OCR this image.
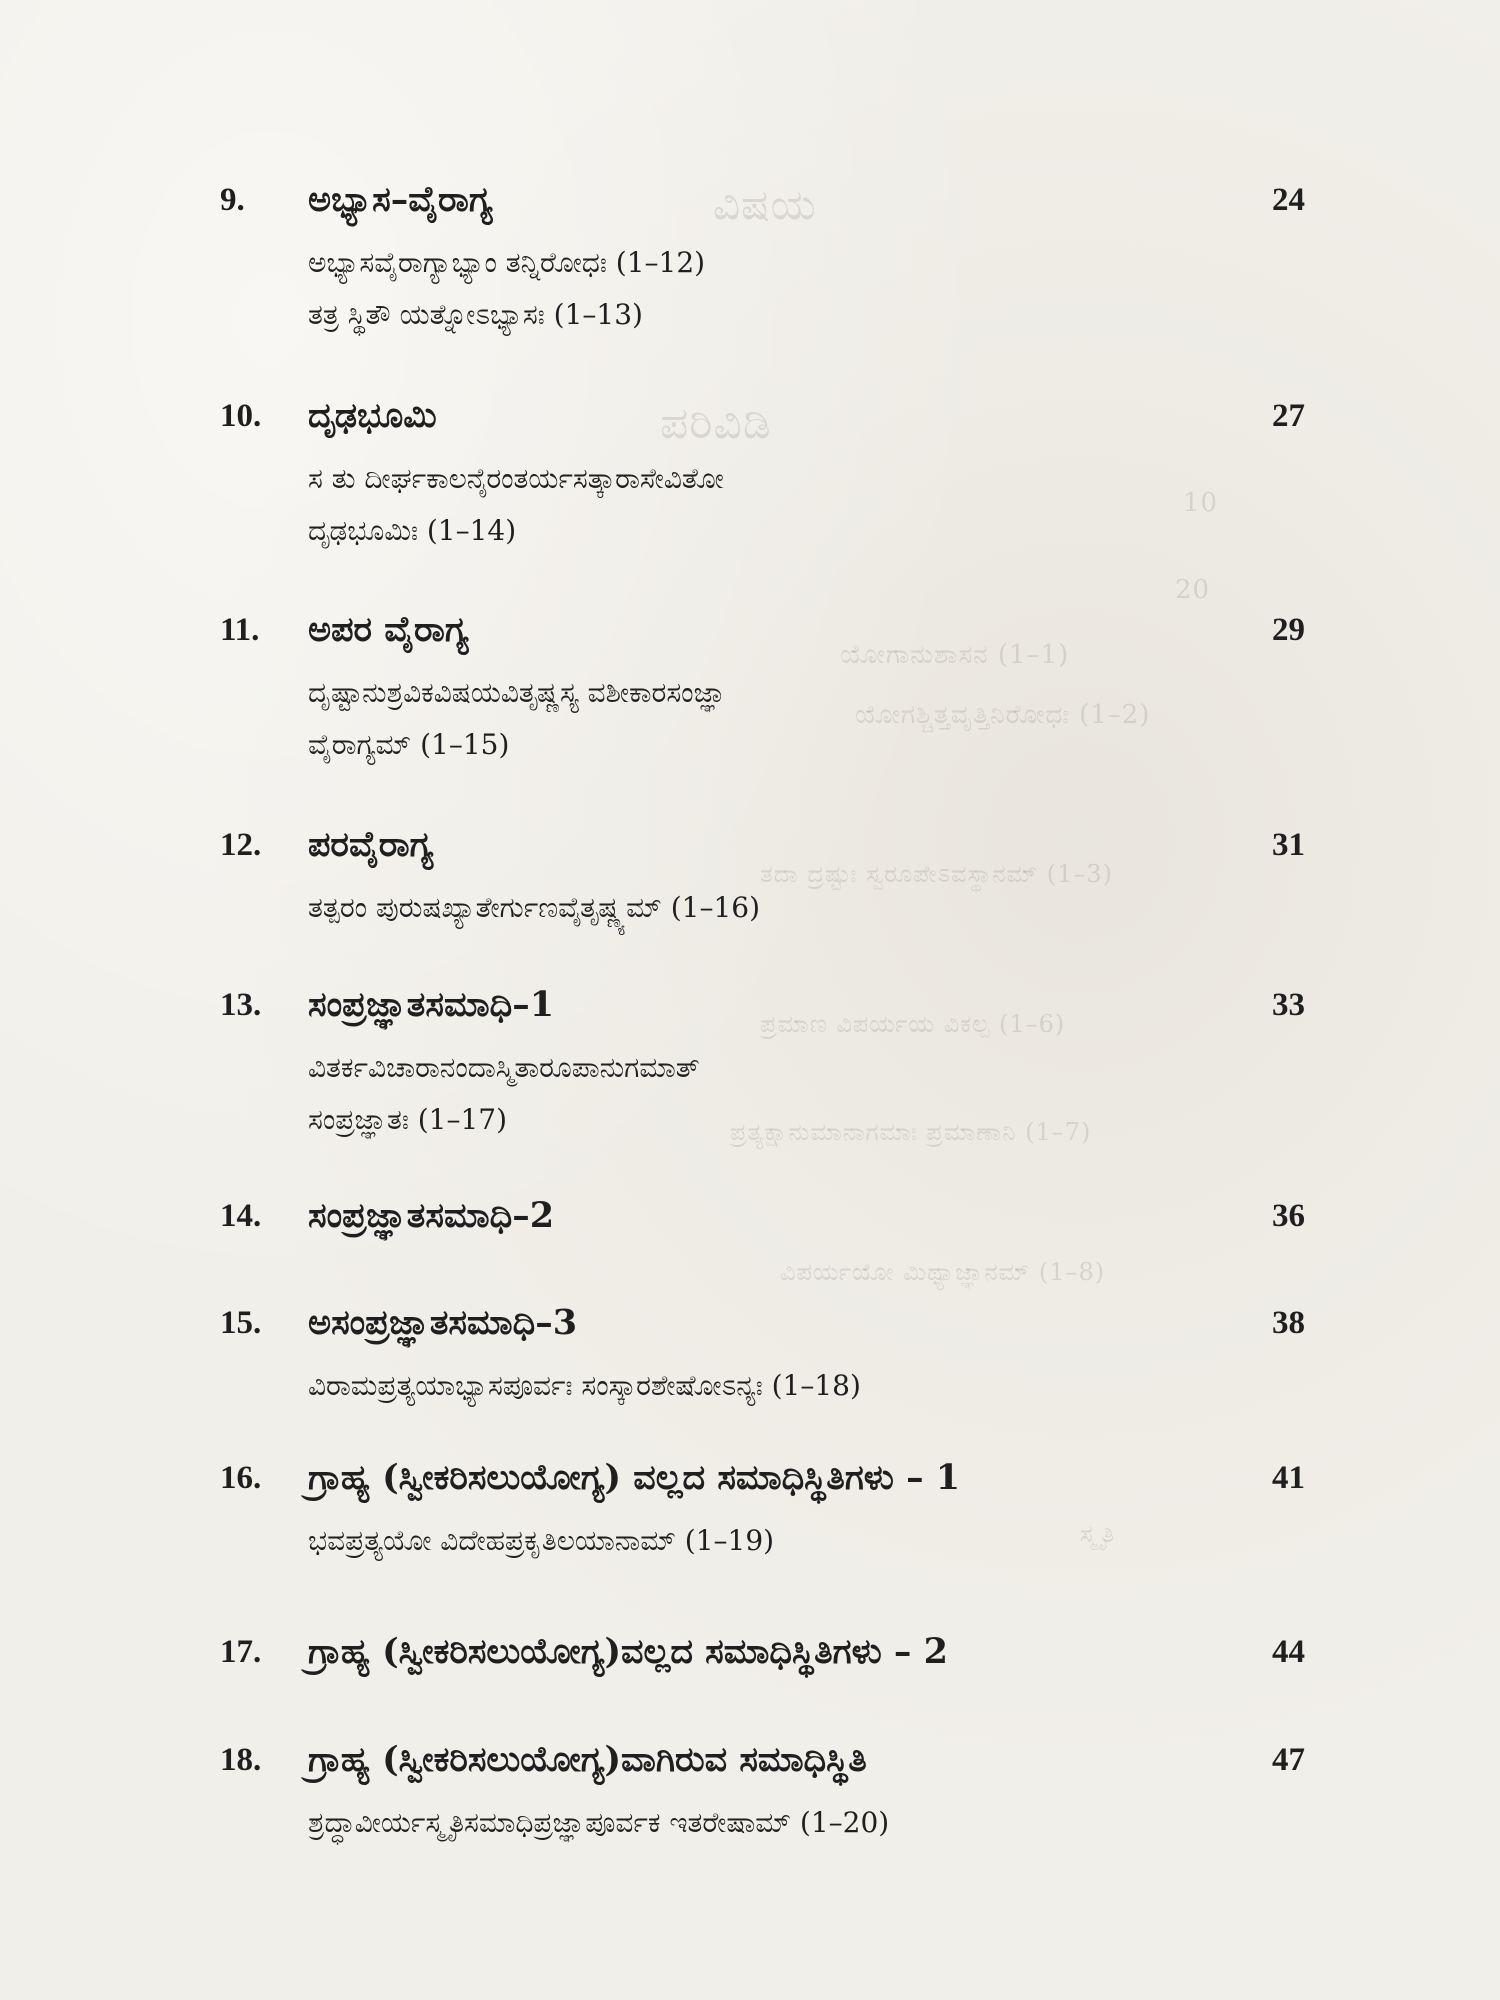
ವಿಷಯ
ಪರಿವಿಡಿ
10
20
ಯೋಗಾನುಶಾಸನ (1–1)
ಯೋಗಶ್ಚಿತ್ತವೃತ್ತಿನಿರೋಧಃ (1–2)
ತದಾ ದ್ರಷ್ಟುಃ ಸ್ವರೂಪೇಽವಸ್ಥಾನಮ್ (1–3)
ಪ್ರಮಾಣ ವಿಪರ್ಯಯ ವಿಕಲ್ಪ (1–6)
ಪ್ರತ್ಯಕ್ಷಾನುಮಾನಾಗಮಾಃ ಪ್ರಮಾಣಾನಿ (1–7)
ವಿಪರ್ಯಯೋ ಮಿಥ್ಯಾಜ್ಞಾನಮ್ (1–8)
ಸ್ಮೃತಿ
9.	ಅಭ್ಯಾಸ–ವೈರಾಗ್ಯ	24
ಅಭ್ಯಾಸವೈರಾಗ್ಯಾಭ್ಯಾಂ ತನ್ನಿರೋಧಃ (1–12)
ತತ್ರ ಸ್ಥಿತೌ ಯತ್ನೋಽಭ್ಯಾಸಃ (1–13)
10.	ದೃಢಭೂಮಿ	27
ಸ ತು ದೀರ್ಘಕಾಲನೈರಂತರ್ಯಸತ್ಕಾರಾಸೇವಿತೋ
ದೃಢಭೂಮಿಃ (1–14)
11.	ಅಪರ ವೈರಾಗ್ಯ	29
ದೃಷ್ಟಾನುಶ್ರವಿಕವಿಷಯವಿತೃಷ್ಣಸ್ಯ ವಶೀಕಾರಸಂಜ್ಞಾ
ವೈರಾಗ್ಯಮ್ (1–15)
12.	ಪರವೈರಾಗ್ಯ	31
ತತ್ಪರಂ ಪುರುಷಖ್ಯಾತೇರ್ಗುಣವೈತೃಷ್ಣ್ಯಮ್ (1–16)
13.	ಸಂಪ್ರಜ್ಞಾತಸಮಾಧಿ–1	33
ವಿತರ್ಕವಿಚಾರಾನಂದಾಸ್ಮಿತಾರೂಪಾನುಗಮಾತ್
ಸಂಪ್ರಜ್ಞಾತಃ (1–17)
14.	ಸಂಪ್ರಜ್ಞಾತಸಮಾಧಿ–2	36
15.	ಅಸಂಪ್ರಜ್ಞಾತಸಮಾಧಿ–3	38
ವಿರಾಮಪ್ರತ್ಯಯಾಭ್ಯಾಸಪೂರ್ವಃ ಸಂಸ್ಕಾರಶೇಷೋಽನ್ಯಃ (1–18)
16.	ಗ್ರಾಹ್ಯ (ಸ್ವೀಕರಿಸಲುಯೋಗ್ಯ) ವಲ್ಲದ ಸಮಾಧಿಸ್ಥಿತಿಗಳು – 1	41
ಭವಪ್ರತ್ಯಯೋ ವಿದೇಹಪ್ರಕೃತಿಲಯಾನಾಮ್ (1–19)
17.	ಗ್ರಾಹ್ಯ (ಸ್ವೀಕರಿಸಲುಯೋಗ್ಯ)ವಲ್ಲದ ಸಮಾಧಿಸ್ಥಿತಿಗಳು – 2	44
18.	ಗ್ರಾಹ್ಯ (ಸ್ವೀಕರಿಸಲುಯೋಗ್ಯ)ವಾಗಿರುವ ಸಮಾಧಿಸ್ಥಿತಿ	47
ಶ್ರದ್ಧಾವೀರ್ಯಸ್ಮೃತಿಸಮಾಧಿಪ್ರಜ್ಞಾಪೂರ್ವಕ ಇತರೇಷಾಮ್ (1–20)
